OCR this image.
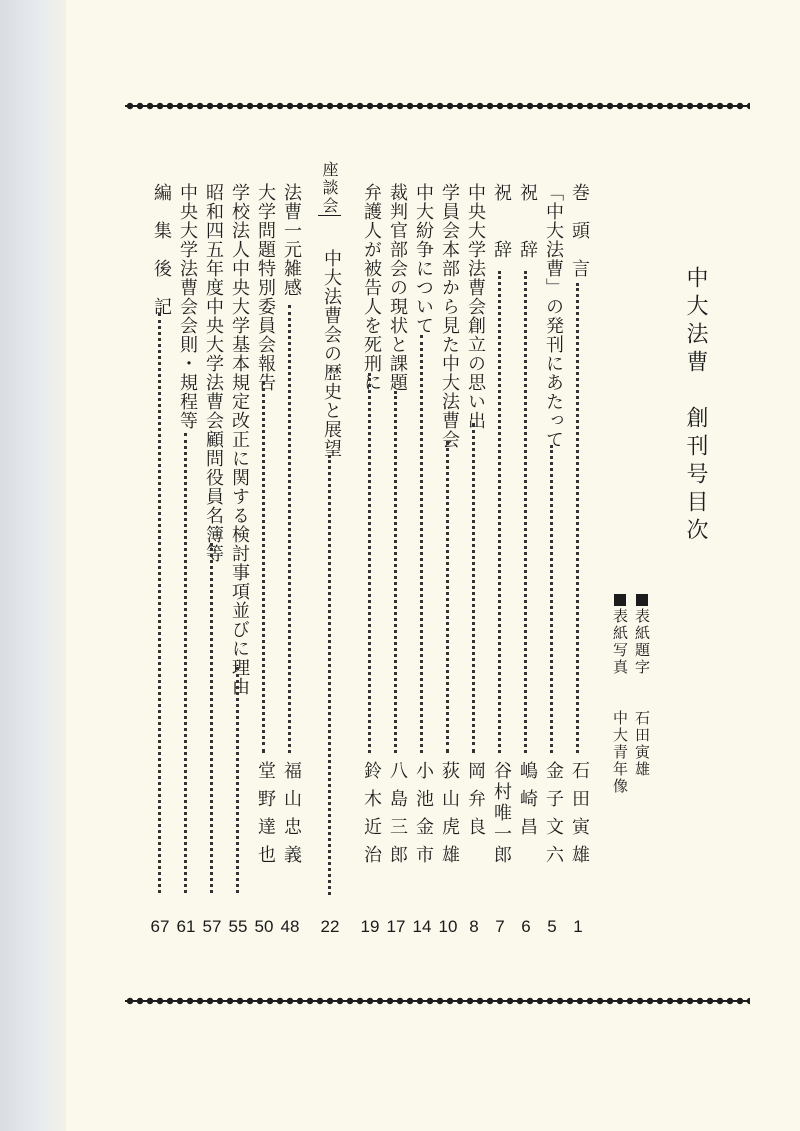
中大法曹　創刊号目次
表紙題字石田寅雄
表紙写真中大青年像
巻　頭　言
石田寅雄
1
「中大法曹」の発刊にあたって
金子文六
5
祝　　辞
嶋崎昌
6
祝　　辞
谷村唯一郎
7
中央大学法曹会創立の思い出
岡弁良
8
学員会本部から見た中大法曹会
荻山虎雄
10
中大紛争について
小池金市
14
裁判官部会の現状と課題
八島三郎
17
弁護人が被告人を死刑に
鈴木近治
19
座談会
中大法曹会の歴史と展望
22
法曹一元雑感
福山忠義
48
大学問題特別委員会報告
堂野達也
50
学校法人中央大学基本規定改正に関する検討事項並びに理由
55
昭和四五年度中央大学法曹会顧問役員名簿等
57
中央大学法曹会会則・規程等
61
編　集　後　記
67
